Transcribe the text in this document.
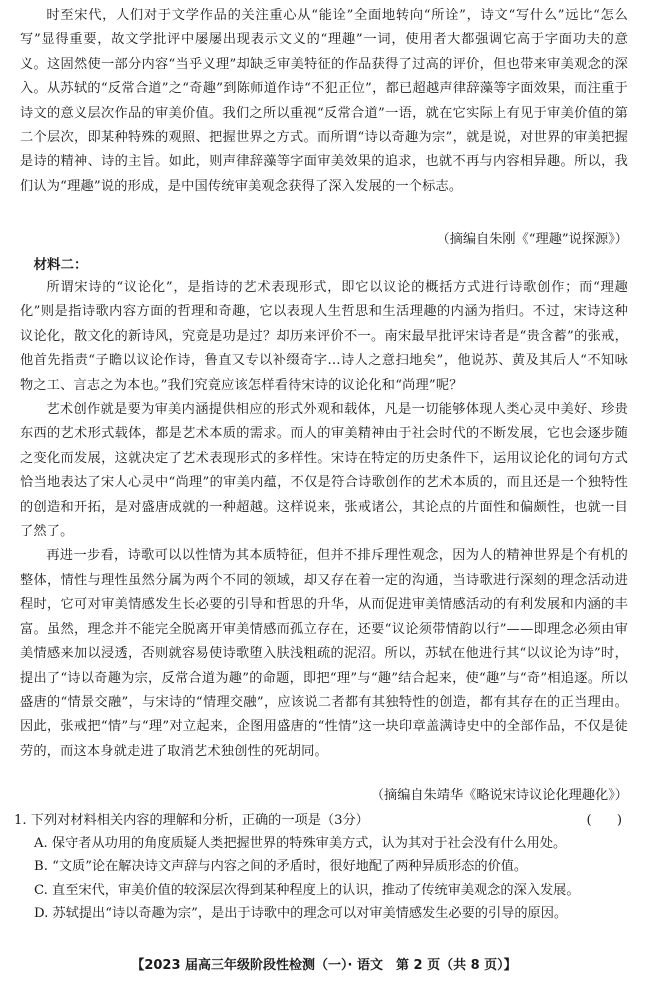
时至宋代，人们对于文学作品的关注重心从“能诠”全面地转向“所诠”，诗文“写什么”远比“怎么写”显得重要，故文学批评中屡屡出现表示文义的“理趣”一词，使用者大都强调它高于字面功夫的意义。这固然使一部分内容“当乎义理”却缺乏审美特征的作品获得了过高的评价，但也带来审美观念的深入。从苏轼的“反常合道”之“奇趣”到陈师道作诗“不犯正位”，都已超越声律辞藻等字面效果，而注重于诗文的意义层次作品的审美价值。我们之所以重视“反常合道”一语，就在它实际上有见于审美价值的第二个层次，即某种特殊的观照、把握世界之方式。而所谓“诗以奇趣为宗”，就是说，对世界的审美把握是诗的精神、诗的主旨。如此，则声律辞藻等字面审美效果的追求，也就不再与内容相异趣。所以，我们认为“理趣”说的形成，是中国传统审美观念获得了深入发展的一个标志。

（摘编自朱刚《“理趣”说探源》）

材料二：

所谓宋诗的“议论化”，是指诗的艺术表现形式，即它以议论的概括方式进行诗歌创作；而“理趣化”则是指诗歌内容方面的哲理和奇趣，它以表现人生哲思和生活理趣的内涵为指归。不过，宋诗这种议论化，散文化的新诗风，究竟是功是过？却历来评价不一。南宋最早批评宋诗者是“贵含蓄”的张戒，他首先指责“子瞻以议论作诗，鲁直又专以补缀奇字…诗人之意扫地矣”，他说苏、黄及其后人“不知咏物之工、言志之为本也。”我们究竟应该怎样看待宋诗的议论化和“尚理”呢？

艺术创作就是要为审美内涵提供相应的形式外观和载体，凡是一切能够体现人类心灵中美好、珍贵东西的艺术形式载体，都是艺术本质的需求。而人的审美精神由于社会时代的不断发展，它也会逐步随之变化而发展，这就决定了艺术表现形式的多样性。宋诗在特定的历史条件下，运用议论化的词句方式恰当地表达了宋人心灵中“尚理”的审美内蕴，不仅是符合诗歌创作的艺术本质的，而且还是一个独特性的创造和开拓，是对盛唐成就的一种超越。这样说来，张戒诸公，其论点的片面性和偏颇性，也就一目了然了。

再进一步看，诗歌可以以性情为其本质特征，但并不排斥理性观念，因为人的精神世界是个有机的整体，情性与理性虽然分属为两个不同的领域，却又存在着一定的沟通，当诗歌进行深刻的理念活动进程时，它可对审美情感发生长必要的引导和哲思的升华，从而促进审美情感活动的有利发展和内涵的丰富。虽然，理念并不能完全脱离开审美情感而孤立存在，还要“议论须带情韵以行”——即理念必须由审美情感来加以浸透，否则就容易使诗歌堕入肤浅粗疏的泥沼。所以，苏轼在他进行其“以议论为诗”时，提出了“诗以奇趣为宗，反常合道为趣”的命题，即把“理”与“趣”结合起来，使“趣”与“奇”相追逐。所以盛唐的“情景交融”，与宋诗的“情理交融”，应该说二者都有其独特性的创造，都有其存在的正当理由。因此，张戒把“情”与“理”对立起来，企图用盛唐的“性情”这一块印章盖满诗史中的全部作品，不仅是徒劳的，而这本身就走进了取消艺术独创性的死胡同。

（摘编自朱靖华《略说宋诗议论化理趣化》）

1. 下列对材料相关内容的理解和分析，正确的一项是（3分）	(      )
A. 保守者从功用的角度质疑人类把握世界的特殊审美方式，认为其对于社会没有什么用处。
B. “文质”论在解决诗文声辞与内容之间的矛盾时，很好地配了两种异质形态的价值。
C. 直至宋代，审美价值的较深层次得到某种程度上的认识，推动了传统审美观念的深入发展。
D. 苏轼提出“诗以奇趣为宗”，是出于诗歌中的理念可以对审美情感发生必要的引导的原因。
【2023 届高三年级阶段性检测（一）· 语文　第 2 页（共 8 页）】
